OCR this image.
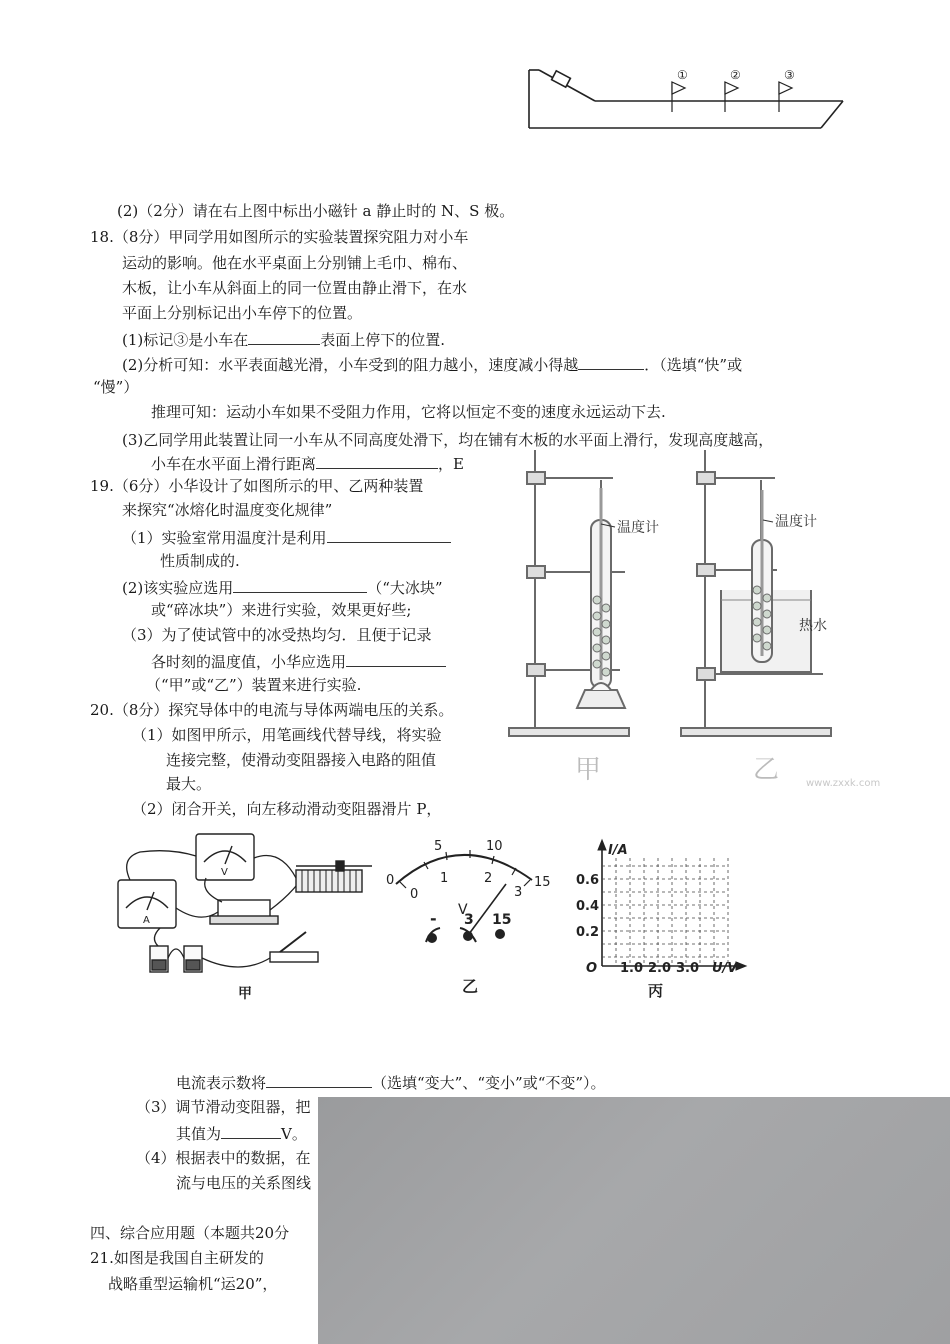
①	②	③
(2)（2分）请在右上图中标出小磁针 a 静止时的 N、S 极。
18.（8分）甲同学用如图所示的实验装置探究阻力对小车
运动的影响。他在水平桌面上分别铺上毛巾、棉布、
木板，让小车从斜面上的同一位置由静止滑下，在水
平面上分别标记出小车停下的位置。
(1)标记③是小车在	表面上停下的位置.
(2)分析可知：水平表面越光滑，小车受到的阻力越小，速度减小得越	．（选填“快”或
“慢”）
推理可知：运动小车如果不受阻力作用，它将以恒定不变的速度永远运动下去.
(3)乙同学用此装置让同一小车从不同高度处滑下，均在铺有木板的水平面上滑行，发现高度越高，
小车在水平面上滑行距离	，E
温度计	温度计
热水
甲	乙	www.zxxk.com
19.（6分）小华设计了如图所示的甲、乙两种装置
来探究“冰熔化时温度变化规律”
（1）实验室常用温度汁是利用
性质制成的.
(2)该实验应选用	（“大冰块”
或“碎冰块”）来进行实验，效果更好些;
（3）为了使试管中的冰受热均匀．且便于记录
各时刻的温度值，小华应选用
（“甲”或“乙”）装置来进行实验.
20.（8分）探究导体中的电流与导体两端电压的关系。
（1）如图甲所示，用笔画线代替导线，将实验
连接完整，使滑动变阻器接入电路的阻值
最大。
（2）闭合开关，向左移动滑动变阻器滑片 P，
A
V
甲
5	10
0	15
0
1	2
3
V
- 3 15
乙
I/A
0.6
0.4
0.2
O 1.0 2.0 3.0 U/V
丙
电流表示数将	（选填“变大”、“变小”或“不变”）。
（3）调节滑动变阻器，把
其值为	V。
（4）根据表中的数据，在
流与电压的关系图线
四、综合应用题（本题共20分
21.如图是我国自主研发的
战略重型运输机“运20”，
